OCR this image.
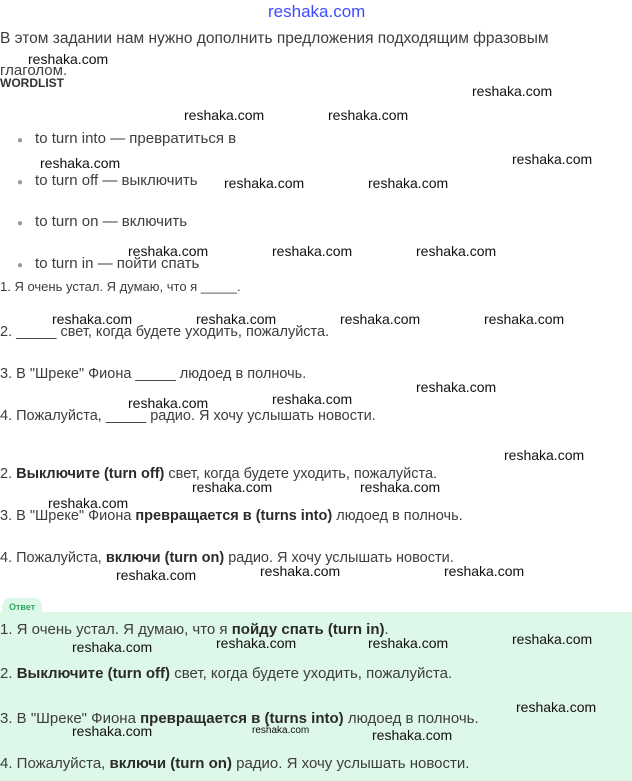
reshaka.com
В этом задании нам нужно дополнить предложения подходящим фразовым
глаголом.
WORDLIST
● to turn into — превратиться в
● to turn off — выключить
● to turn on — включить
● to turn in — пойти спать
1. Я очень устал. Я думаю, что я _____.
2. _____ свет, когда будете уходить, пожалуйста.
3. В "Шреке" Фиона _____ людоед в полночь.
4. Пожалуйста, _____ радио. Я хочу услышать новости.
2. Выключите (turn off) свет, когда будете уходить, пожалуйста.
3. В "Шреке" Фиона превращается в (turns into) людоед в полночь.
4. Пожалуйста, включи (turn on) радио. Я хочу услышать новости.
Ответ
1. Я очень устал. Я думаю, что я пойду спать (turn in).
2. Выключите (turn off) свет, когда будете уходить, пожалуйста.
3. В "Шреке" Фиона превращается в (turns into) людоед в полночь.
4. Пожалуйста, включи (turn on) радио. Я хочу услышать новости.
reshaka.com
reshaka.com
reshaka.com	reshaka.com
reshaka.com	reshaka.com
reshaka.com	reshaka.com
reshaka.com	reshaka.com	reshaka.com
reshaka.com	reshaka.com	reshaka.com	reshaka.com
reshaka.com
reshaka.com	reshaka.com
reshaka.com
reshaka.com	reshaka.com
reshaka.com
reshaka.com	reshaka.com	reshaka.com
reshaka.com	reshaka.com	reshaka.com
reshaka.com
reshaka.com
reshaka.com	reshaka.com	reshaka.com
